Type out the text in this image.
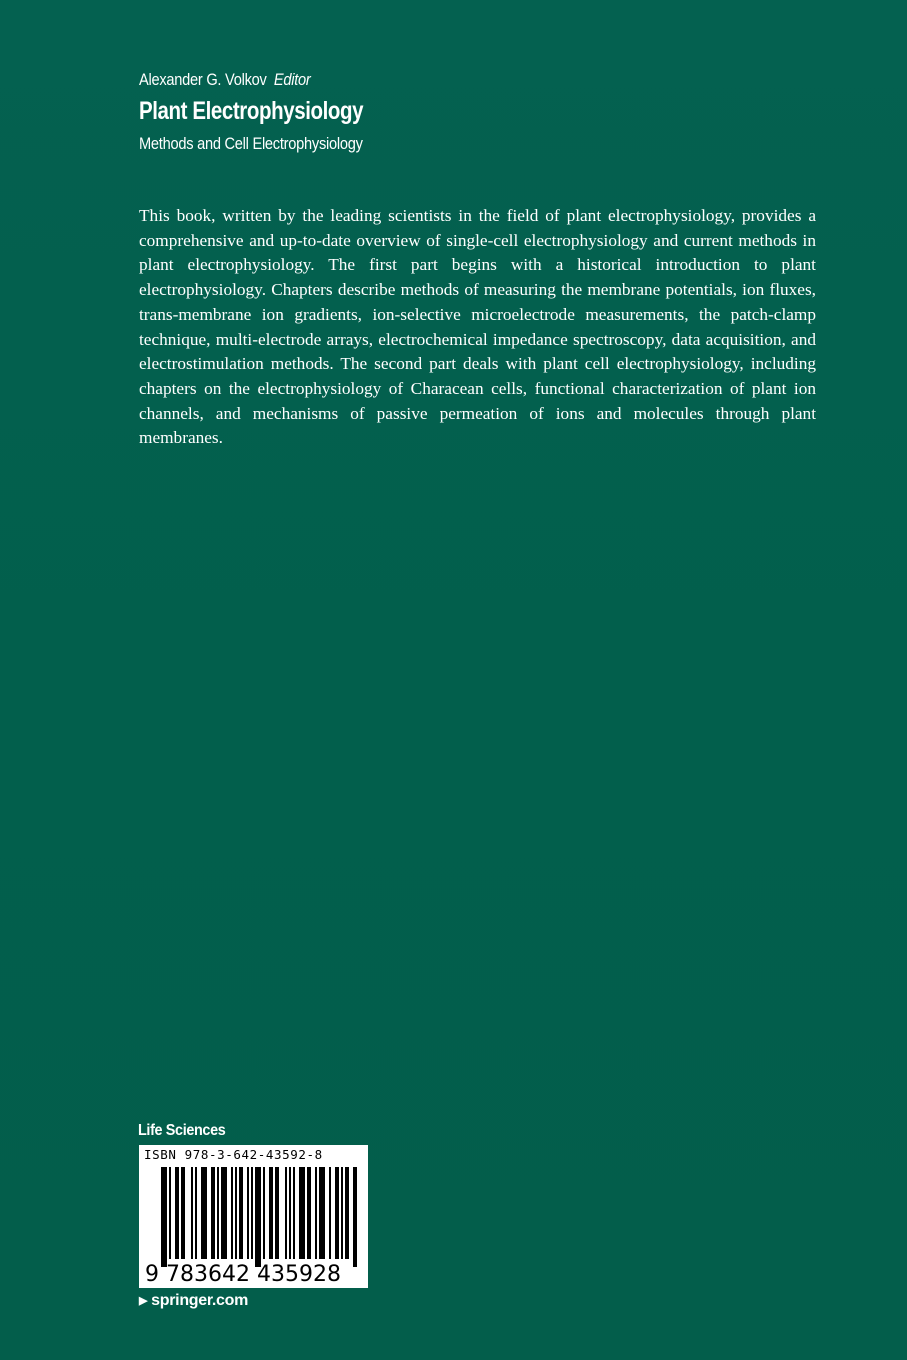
Alexander G. Volkov Editor
Plant Electrophysiology
Methods and Cell Electrophysiology

This book, written by the leading scientists in the field of plant electrophysiology, provides a comprehensive and up-to-date overview of single-cell electrophysiology and current methods in plant electrophysiology. The first part begins with a historical introduction to plant electrophysiology. Chapters describe methods of measuring the membrane potentials, ion fluxes, trans-membrane ion gradients, ion-selective microelectrode measurements, the patch-clamp technique, multi-electrode arrays, electrochemical impedance spectroscopy, data acquisition, and electrostimulation methods. The second part deals with plant cell electrophysiology, including chapters on the electrophysiology of Characean cells, functional characterization of plant ion channels, and mechanisms of passive permeation of ions and molecules through plant membranes.

Life Sciences
ISBN 978-3-642-43592-8
9 783642 435928
▶ springer.com
